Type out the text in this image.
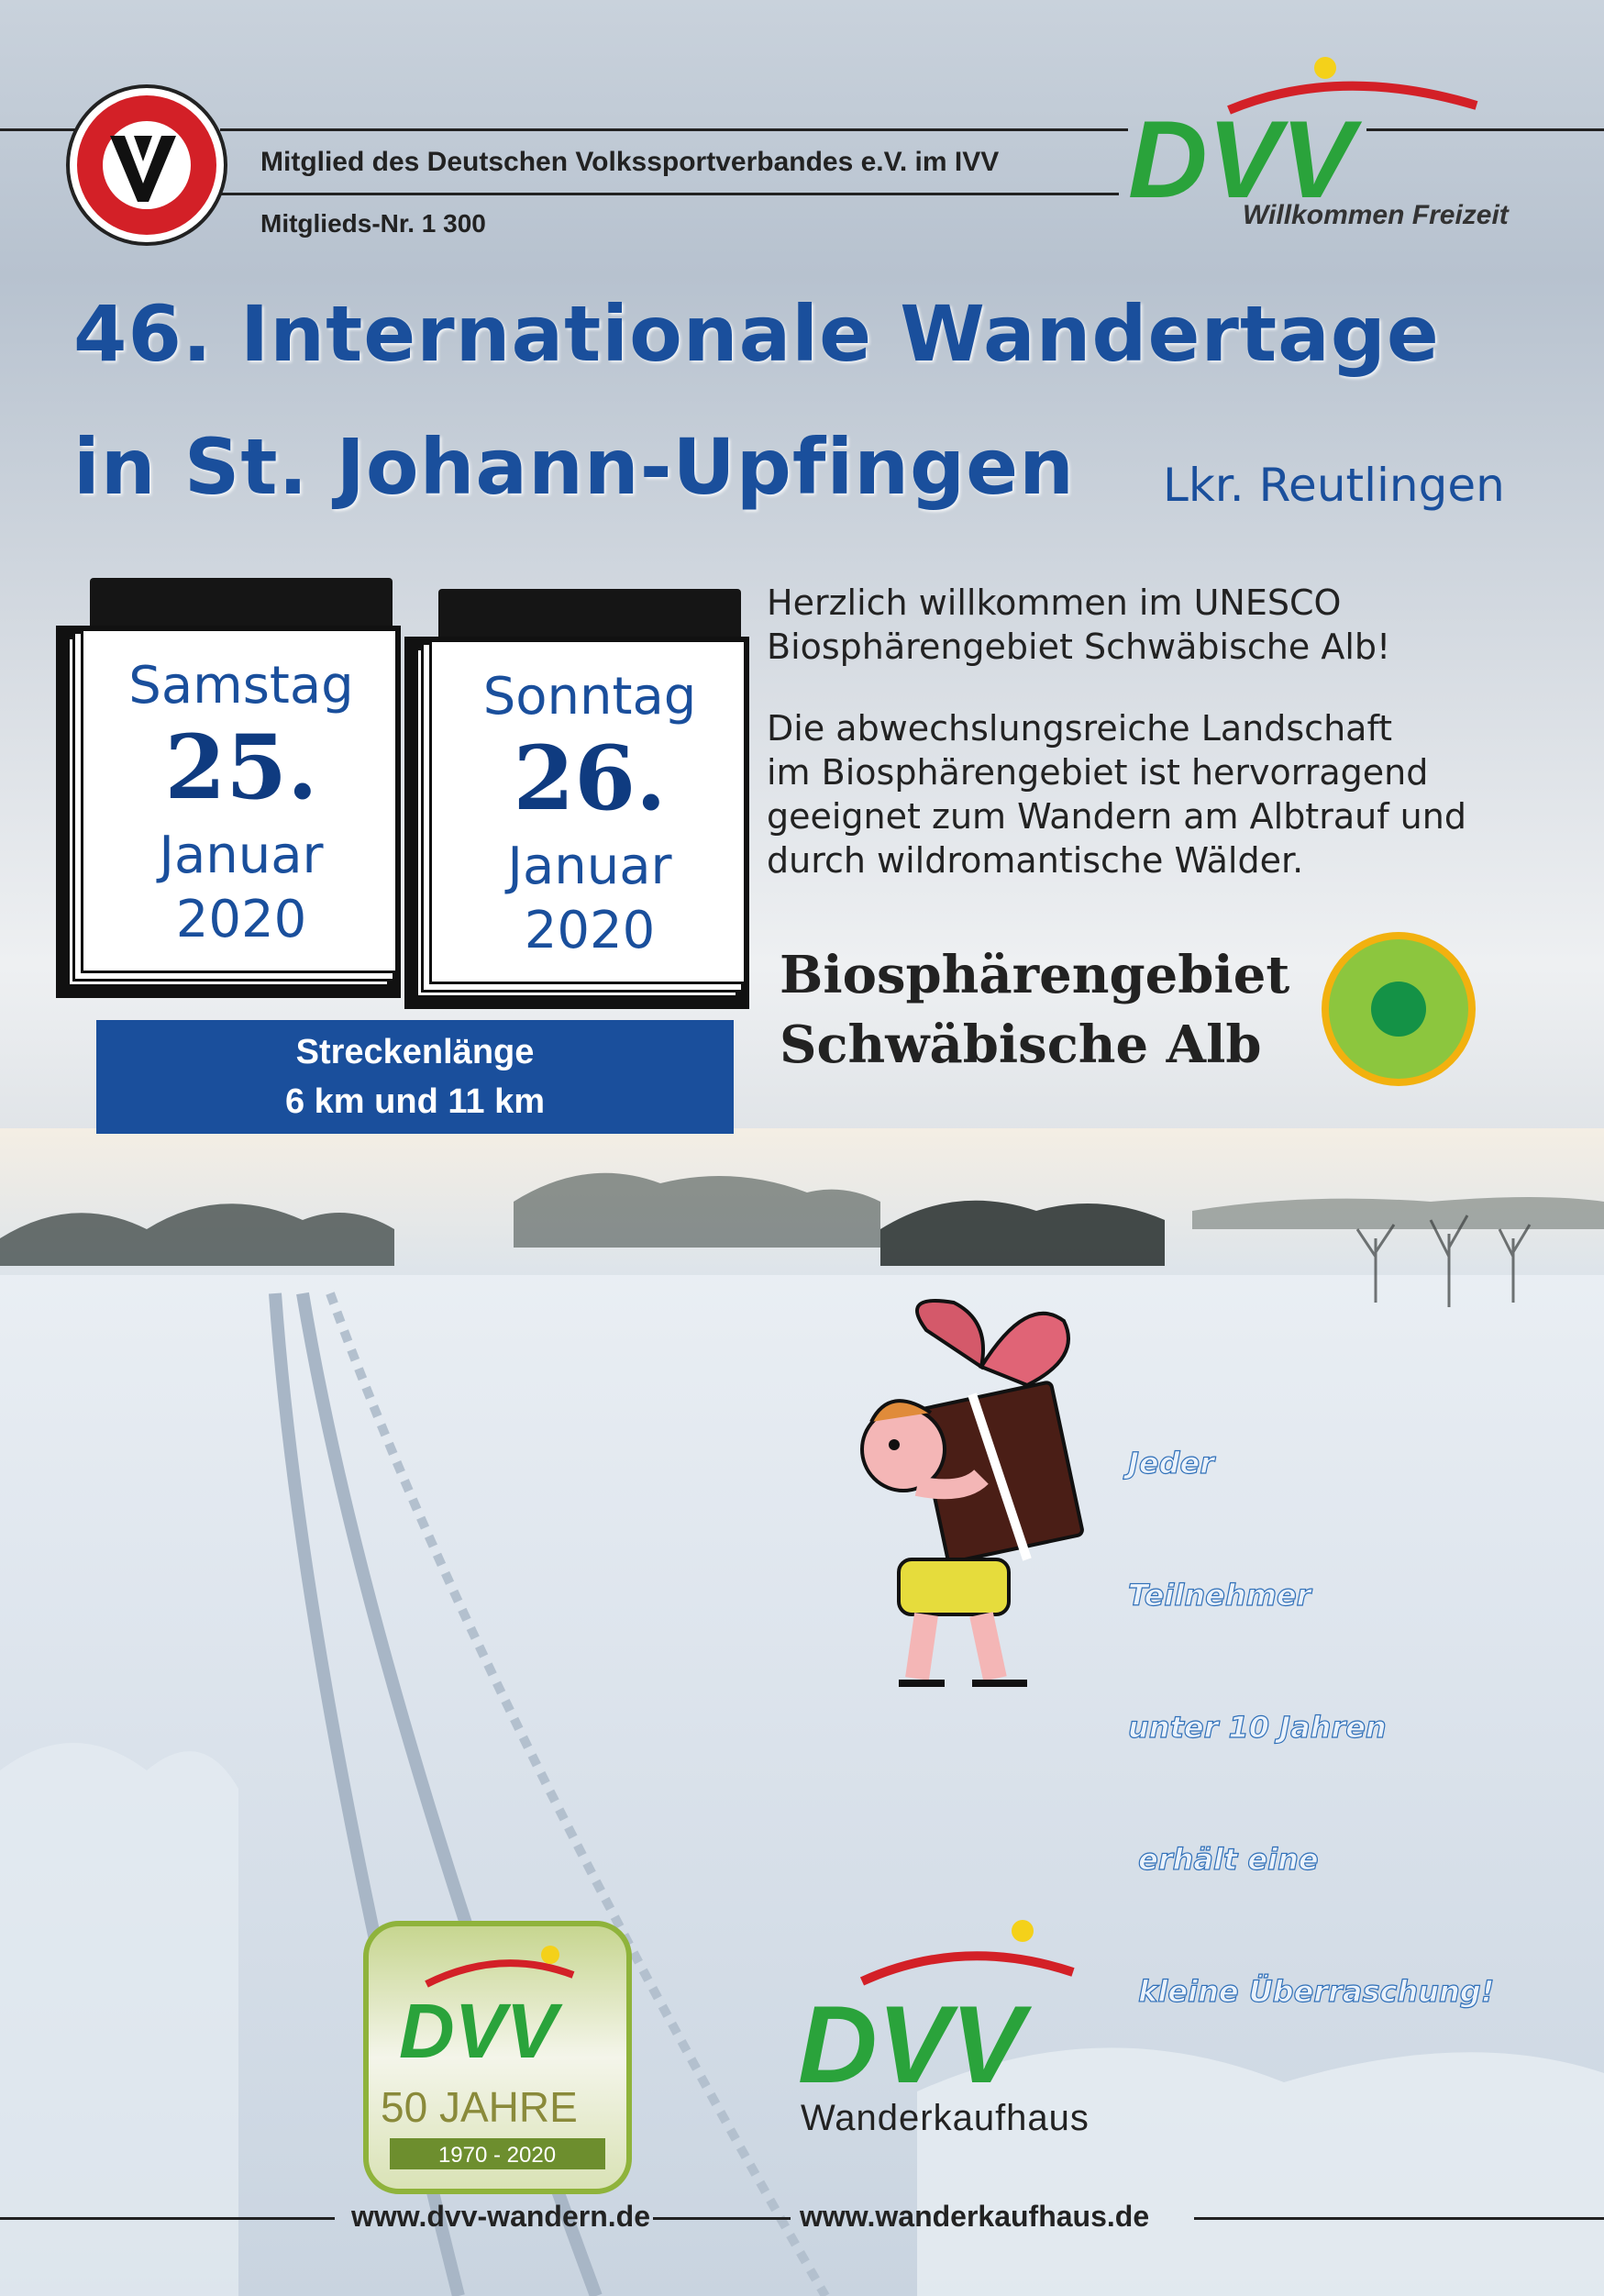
Mitglied des Deutschen Volkssportverbandes e.V. im IVV
Mitglieds-Nr. 1 300
DVV
Willkommen Freizeit
46. Internationale Wandertage
in St. Johann-Upfingen Lkr. Reutlingen
Samstag
25.
Januar
2020
Sonntag
26.
Januar
2020
Herzlich willkommen im UNESCO
Biosphärengebiet Schwäbische Alb!
Die abwechslungsreiche Landschaft
im Biosphärengebiet ist hervorragend
geeignet zum Wandern am Albtrauf und
durch wildromantische Wälder.
Biosphärengebiet
Schwäbische Alb
Streckenlänge
6 km und 11 km

Jeder

Teilnehmer

unter 10 Jahren

erhält eine

kleine Überraschung!

DVV
50 JAHRE
1970 - 2020
DVV
Wanderkaufhaus
www.dvv-wandern.de	www.wanderkaufhaus.de
